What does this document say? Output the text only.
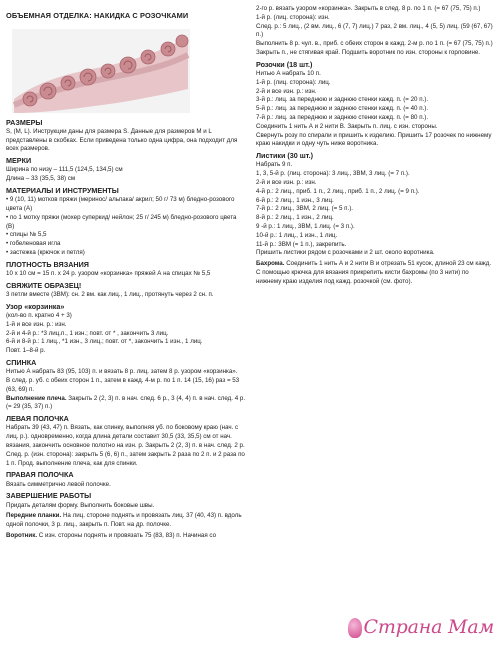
ОБЪЕМНАЯ ОТДЕЛКА: НАКИДКА С РОЗОЧКАМИ
РАЗМЕРЫ

S, (M, L). Инструкции даны для размера S. Данные для размеров M и L представлены в скобках. Если приведена только одна цифра, она подходит для всех размеров.

МЕРКИ

Ширина по низу – 111,5 (124,5, 134,5) см

Длина – 33 (35,5, 38) см

МАТЕРИАЛЫ И ИНСТРУМЕНТЫ

• 9 (10, 11) мотков пряжи (меринос/ альпака/ акрил; 50 г/ 73 м) бледно-розового цвета (А)

• по 1 мотку пряжи (мохер суперкид/ нейлон; 25 г/ 245 м) бледно-розового цвета (В)

• спицы № 5,5

• гобеленовая игла

• застежка (крючок и петля)

ПЛОТНОСТЬ ВЯЗАНИЯ

10 х 10 см = 15 п. х 24 р. узором «корзинка» пряжей А на спицах № 5,5

СВЯЖИТЕ ОБРАЗЕЦ!

3 петли вместе (3ВМ): сн. 2 вм. как лиц., 1 лиц., протянуть через 2 сн. п.

Узор «корзинка»

(кол-во п. кратно 4 + 3)

1-й и все изн. р.: изн.

2-й и 4-й р.: *3 лиц.п., 1 изн.; повт. от * , закончить 3 лиц.

6-й и 8-й р.: 1 лиц., *1 изн., 3 лиц.; повт. от *, закончить 1 изн., 1 лиц.

Повт. 1–8-й р.

СПИНКА

Нитью А набрать 83 (95, 103) п. и вязать 8 р. лиц. затем 8 р. узором «корзинка».

В след. р. уб. с обеих сторон 1 п., затем в кажд. 4-м р. по 1 п. 14 (15, 16) раз = 53 (63, 69) п.

Выполнение плеча. Закрыть 2 (2, 3) п. в нач. след. 6 р., 3 (4, 4) п. в нач. след. 4 р. (= 29 (35, 37) п.)

ЛЕВАЯ ПОЛОЧКА

Набрать 39 (43, 47) п. Вязать, как спинку, выполняя уб. по боковому краю (нач. с лиц. р.). одновременно, когда длина детали составит 30,5 (33, 35,5) см от нач. вязания, закончить основное полотно на изн. р. Закрыть 2 (2, 3) п. в нач. след. 2 р.

След. р. (изн. сторона): закрыть 5 (6, 6) п., затем закрыть 2 раза по 2 п. и 2 раза по 1 п. Прод. выполнение плеча, как для спинки.

ПРАВАЯ ПОЛОЧКА

Вязать симметрично левой полочке.

ЗАВЕРШЕНИЕ РАБОТЫ

Придать деталям форму. Выполнить боковые швы.

Передние планки. На лиц. стороне поднять и провязать лиц. 37 (40, 43) п. вдоль одной полочки, 3 р. лиц., закрыть п. Повт. на др. полочке.

Воротник. С изн. стороны поднять и провязать 75 (83, 83) п. Начиная со

2-го р. вязать узором «корзинка». Закрыть в след. 8 р. по 1 п. (= 67 (75, 75) п.)

1-й р. (лиц. сторона): изн.

След. р.: 5 лиц., (2 вм. лиц., 6 (7, 7) лиц.) 7 раз, 2 вм. лиц., 4 (5, 5) лиц. (59 (67, 67) п.)

Выполнить 8 р. чул. в., приб. с обеих сторон в кажд. 2-м р. по 1 п. (= 67 (75, 75) п.)

Закрыть п., не стягивая край. Подшить воротник по изн. стороны к горловине.

Розочки (18 шт.)

Нитью А набрать 10 п.

1-й р. (лиц. сторона): лиц.

2-й и все изн. р.: изн.

3-й р.: лиц. за переднюю и заднюю стенки кажд. п. (= 20 п.).

5-й р.: лиц. за переднюю и заднюю стенки кажд. п. (= 40 п.).

7-й р.: лиц. за переднюю и заднюю стенки кажд. п. (= 80 п.).

Соединить 1 нить А и 2 нити В. Закрыть п. лиц. с изн. стороны.

Свернуть розу по спирали и пришить к изделию. Пришить 17 розочек по нижнему краю накидки и одну чуть ниже воротника.

Листики (30 шт.)

Набрать 9 п.

1, 3, 5-й р. (лиц. сторона): 3 лиц., 3ВМ, 3 лиц. (= 7 п.).

2-й и все изн. р.: изн.

4-й р.: 2 лиц., приб. 1 п., 2 лиц., приб. 1 п., 2 лиц. (= 9 п.).

6-й р.: 2 лиц., 1 изн., 3 лиц.

7-й р.: 2 лиц., 3ВМ, 2 лиц. (= 5 п.).

8-й р.: 2 лиц., 1 изн., 2 лиц.

9 -й р.: 1 лиц., 3ВМ, 1 лиц. (= 3 п.).

10-й р.: 1 лиц., 1 изн., 1 лиц.

11-й р.: 3ВМ (= 1 п.), закрепить.

Пришить листики рядом с розочками и 2 шт. около воротника.

Бахрома. Соединить 1 нить А и 2 нити В и отрезать 51 кусок, длиной 23 см кажд. С помощью крючка для вязания прикрепить кисти бахромы (по 3 нити) по нижнему краю изделия под кажд. розочкой (см. фото).

Страна Мам
